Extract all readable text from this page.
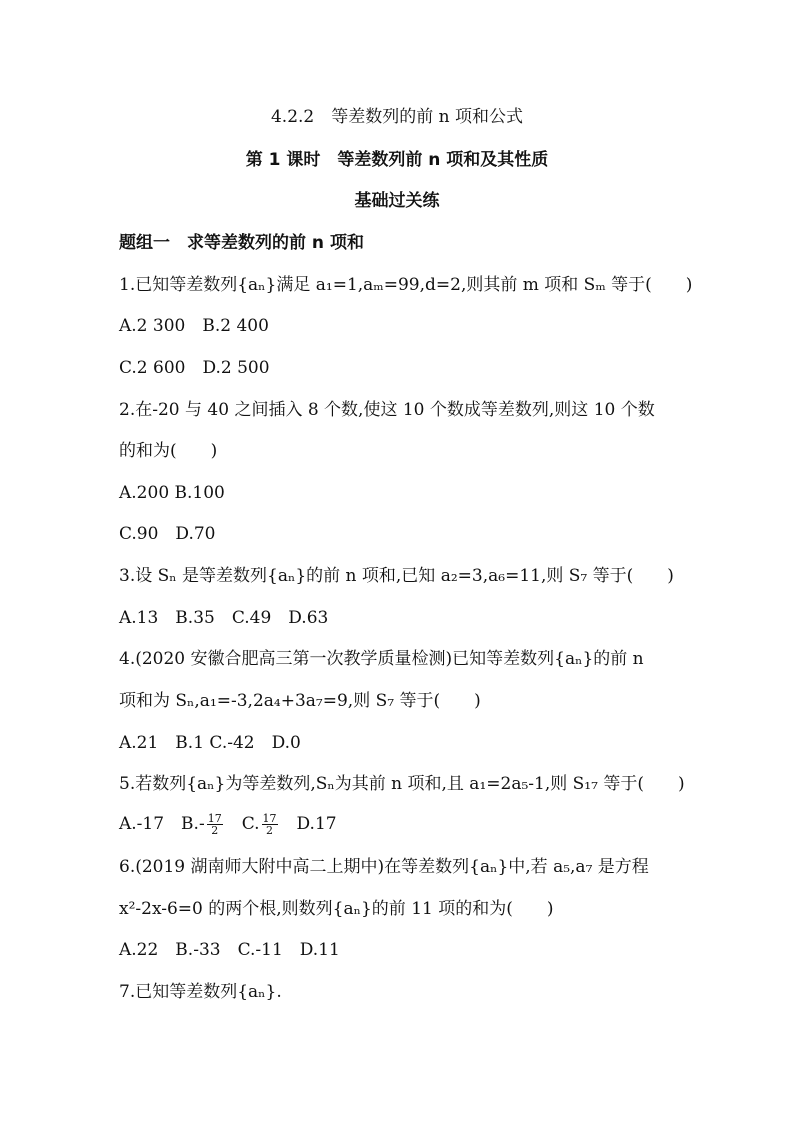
4.2.2　等差数列的前 n 项和公式
第 1 课时　等差数列前 n 项和及其性质
基础过关练
题组一　求等差数列的前 n 项和
1.已知等差数列{aₙ}满足 a₁=1,aₘ=99,d=2,则其前 m 项和 Sₘ 等于(　　)
A.2 300　B.2 400
C.2 600　D.2 500
2.在-20 与 40 之间插入 8 个数,使这 10 个数成等差数列,则这 10 个数
的和为(　　)
A.200 B.100
C.90　D.70
3.设 Sₙ 是等差数列{aₙ}的前 n 项和,已知 a₂=3,a₆=11,则 S₇ 等于(　　)
A.13　B.35　C.49　D.63
4.(2020 安徽合肥高三第一次教学质量检测)已知等差数列{aₙ}的前 n
项和为 Sₙ,a₁=-3,2a₄+3a₇=9,则 S₇ 等于(　　)
A.21　B.1 C.-42　D.0
5.若数列{aₙ}为等差数列,Sₙ为其前 n 项和,且 a₁=2a₅-1,则 S₁₇ 等于(　　)
A.-17　$B.- \frac{17}{2}$ 　C. $\frac{17}{2}$ 　D.17
6.(2019 湖南师大附中高二上期中)在等差数列{aₙ}中,若 a₅,a₇ 是方程
x²-2x-6=0 的两个根,则数列{aₙ}的前 11 项的和为(　　)
A.22　B.-33　C.-11　D.11
7.已知等差数列{aₙ}.
